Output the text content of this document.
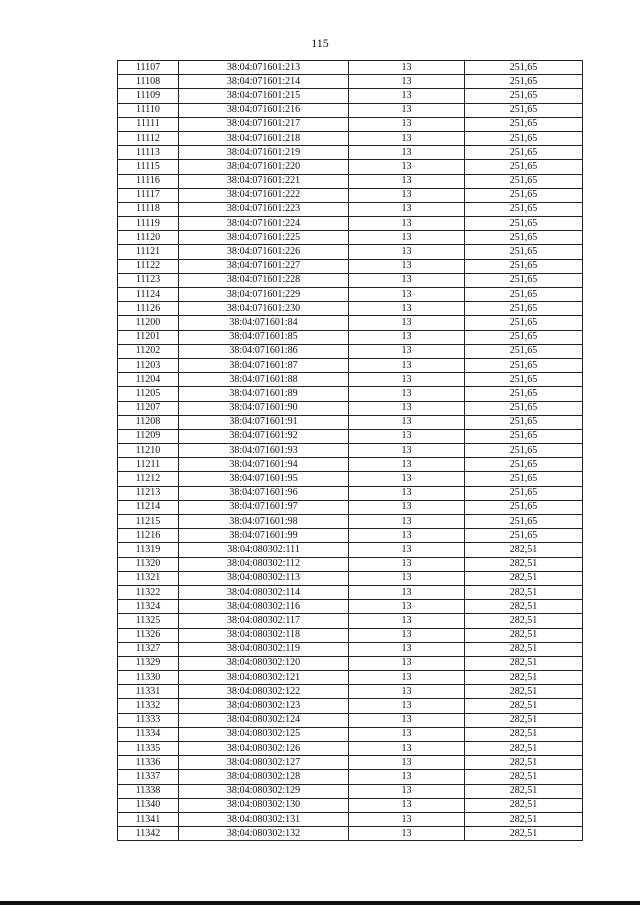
115
11107	38:04:071601:213	13	251,65
11108	38:04:071601:214	13	251,65
11109	38:04:071601:215	13	251,65
11110	38:04:071601:216	13	251,65
11111	38:04:071601:217	13	251,65
11112	38:04:071601:218	13	251,65
11113	38:04:071601:219	13	251,65
11115	38:04:071601:220	13	251,65
11116	38:04:071601:221	13	251,65
11117	38:04:071601:222	13	251,65
11118	38:04:071601:223	13	251,65
11119	38:04:071601:224	13	251,65
11120	38:04:071601:225	13	251,65
11121	38:04:071601:226	13	251,65
11122	38:04:071601:227	13	251,65
11123	38:04:071601:228	13	251,65
11124	38:04:071601:229	13	251,65
11126	38:04:071601:230	13	251,65
11200	38:04:071601:84	13	251,65
11201	38:04:071601:85	13	251,65
11202	38:04:071601:86	13	251,65
11203	38:04:071601:87	13	251,65
11204	38:04:071601:88	13	251,65
11205	38:04:071601:89	13	251,65
11207	38:04:071601:90	13	251,65
11208	38:04:071601:91	13	251,65
11209	38:04:071601:92	13	251,65
11210	38:04:071601:93	13	251,65
11211	38:04:071601:94	13	251,65
11212	38:04:071601:95	13	251,65
11213	38:04:071601:96	13	251,65
11214	38:04:071601:97	13	251,65
11215	38:04:071601:98	13	251,65
11216	38:04:071601:99	13	251,65
11319	38:04:080302:111	13	282,51
11320	38:04:080302:112	13	282,51
11321	38:04:080302:113	13	282,51
11322	38:04:080302:114	13	282,51
11324	38:04:080302:116	13	282,51
11325	38:04:080302:117	13	282,51
11326	38:04:080302:118	13	282,51
11327	38:04:080302:119	13	282,51
11329	38:04:080302:120	13	282,51
11330	38:04:080302:121	13	282,51
11331	38:04:080302:122	13	282,51
11332	38:04:080302:123	13	282,51
11333	38:04:080302:124	13	282,51
11334	38:04:080302:125	13	282,51
11335	38:04:080302:126	13	282,51
11336	38:04:080302:127	13	282,51
11337	38:04:080302:128	13	282,51
11338	38:04:080302:129	13	282,51
11340	38:04:080302:130	13	282,51
11341	38:04:080302:131	13	282,51
11342	38:04:080302:132	13	282,51
